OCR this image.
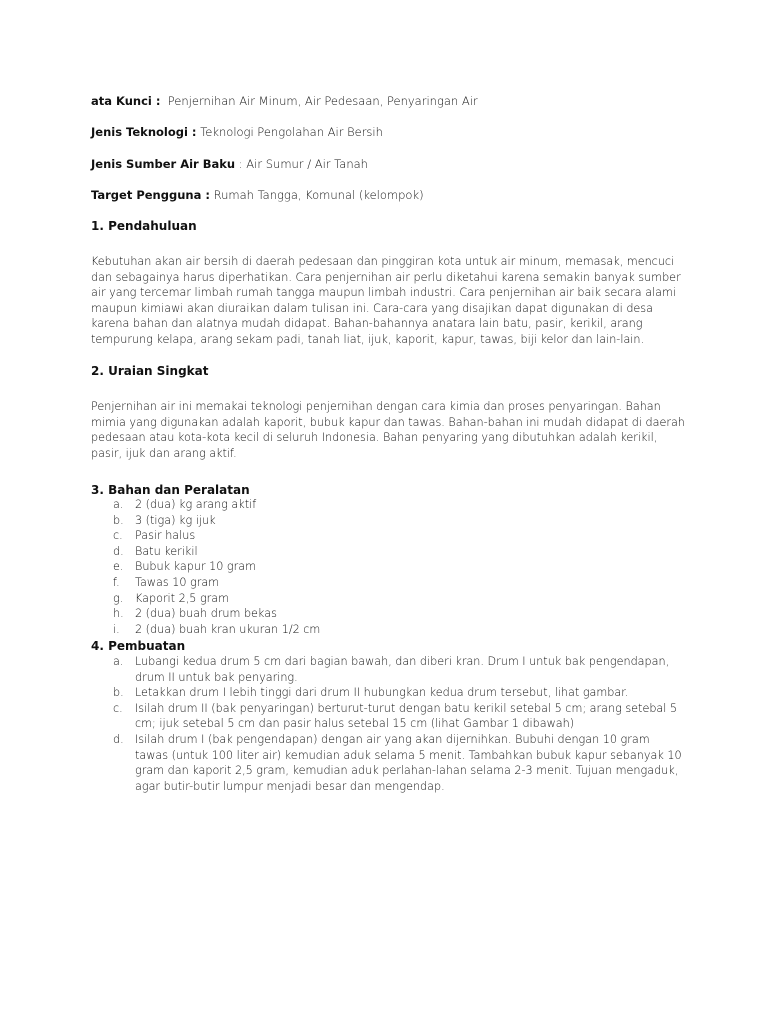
ata Kunci : Penjernihan Air Minum, Air Pedesaan, Penyaringan Air
Jenis Teknologi : Teknologi Pengolahan Air Bersih
Jenis Sumber Air Baku : Air Sumur / Air Tanah
Target Pengguna : Rumah Tangga, Komunal (kelompok)
1. Pendahuluan
Kebutuhan akan air bersih di daerah pedesaan dan pinggiran kota untuk air minum, memasak, mencuci
dan sebagainya harus diperhatikan. Cara penjernihan air perlu diketahui karena semakin banyak sumber
air yang tercemar limbah rumah tangga maupun limbah industri. Cara penjernihan air baik secara alami
maupun kimiawi akan diuraikan dalam tulisan ini. Cara-cara yang disajikan dapat digunakan di desa
karena bahan dan alatnya mudah didapat. Bahan-bahannya anatara lain batu, pasir, kerikil, arang
tempurung kelapa, arang sekam padi, tanah liat, ijuk, kaporit, kapur, tawas, biji kelor dan lain-lain.
2. Uraian Singkat
Penjernihan air ini memakai teknologi penjernihan dengan cara kimia dan proses penyaringan. Bahan
mimia yang digunakan adalah kaporit, bubuk kapur dan tawas. Bahan-bahan ini mudah didapat di daerah
pedesaan atau kota-kota kecil di seluruh Indonesia. Bahan penyaring yang dibutuhkan adalah kerikil,
pasir, ijuk dan arang aktif.
3. Bahan dan Peralatan
a. 2 (dua) kg arang aktif
b. 3 (tiga) kg ijuk
c. Pasir halus
d. Batu kerikil
e. Bubuk kapur 10 gram
f. Tawas 10 gram
g. Kaporit 2,5 gram
h. 2 (dua) buah drum bekas
i. 2 (dua) buah kran ukuran 1/2 cm
4. Pembuatan
a. Lubangi kedua drum 5 cm dari bagian bawah, dan diberi kran. Drum I untuk bak pengendapan,
drum II untuk bak penyaring.
b. Letakkan drum I lebih tinggi dari drum II hubungkan kedua drum tersebut, lihat gambar.
c. Isilah drum II (bak penyaringan) berturut-turut dengan batu kerikil setebal 5 cm; arang setebal 5
cm; ijuk setebal 5 cm dan pasir halus setebal 15 cm (lihat Gambar 1 dibawah)
d. Isilah drum I (bak pengendapan) dengan air yang akan dijernihkan. Bubuhi dengan 10 gram
tawas (untuk 100 liter air) kemudian aduk selama 5 menit. Tambahkan bubuk kapur sebanyak 10
gram dan kaporit 2,5 gram, kemudian aduk perlahan-lahan selama 2-3 menit. Tujuan mengaduk,
agar butir-butir lumpur menjadi besar dan mengendap.
